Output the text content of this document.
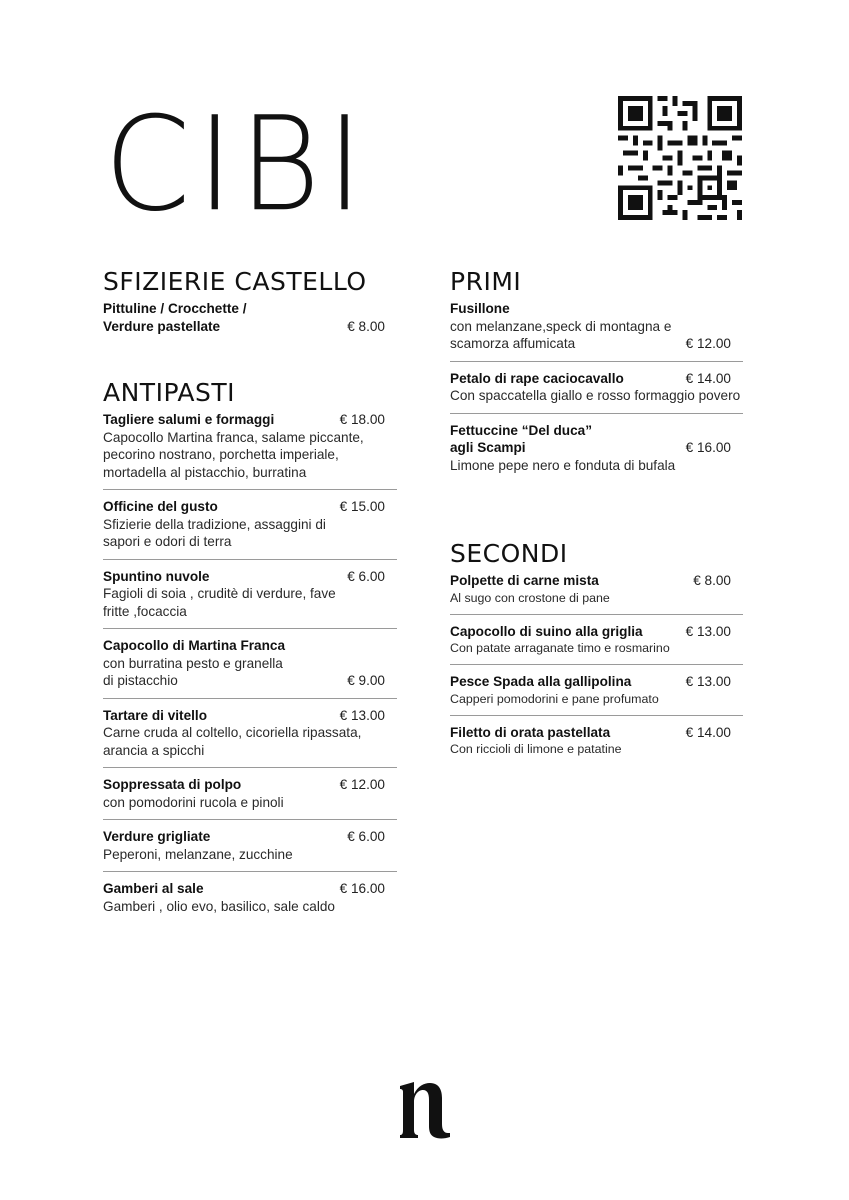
CIBI
SFIZIERIE CASTELLO
Pittuline / Crocchette /
Verdure pastellate	€ 8.00
ANTIPASTI
Tagliere salumi e formaggi	€ 18.00
Capocollo Martina franca, salame piccante, pecorino nostrano, porchetta imperiale, mortadella al pistacchio, burratina
Officine del gusto	€ 15.00
Sfizierie della tradizione, assaggini di sapori e odori di terra
Spuntino nuvole	€ 6.00
Fagioli di soia , cruditè di verdure, fave fritte ,focaccia
Capocollo di Martina Franca
con burratina pesto e granella
di pistacchio	€ 9.00
Tartare di vitello	€ 13.00
Carne cruda al coltello, cicoriella ripassata, arancia a spicchi
Soppressata di polpo	€ 12.00
con pomodorini rucola e pinoli
Verdure grigliate	€ 6.00
Peperoni, melanzane, zucchine
Gamberi al sale	€ 16.00
Gamberi , olio evo, basilico, sale caldo
PRIMI
Fusillone
con melanzane,speck di montagna e
scamorza affumicata	€ 12.00
Petalo di rape caciocavallo	€ 14.00
Con spaccatella giallo e rosso formaggio povero
Fettuccine “Del duca”
agli Scampi	€ 16.00
Limone pepe nero e fonduta di bufala
SECONDI
Polpette di carne mista	€ 8.00
Al sugo con crostone di pane
Capocollo di suino alla griglia	€ 13.00
Con patate arraganate timo e rosmarino
Pesce Spada alla gallipolina	€ 13.00
Capperi pomodorini e pane profumato
Filetto di orata pastellata	€ 14.00
Con riccioli di limone e patatine
